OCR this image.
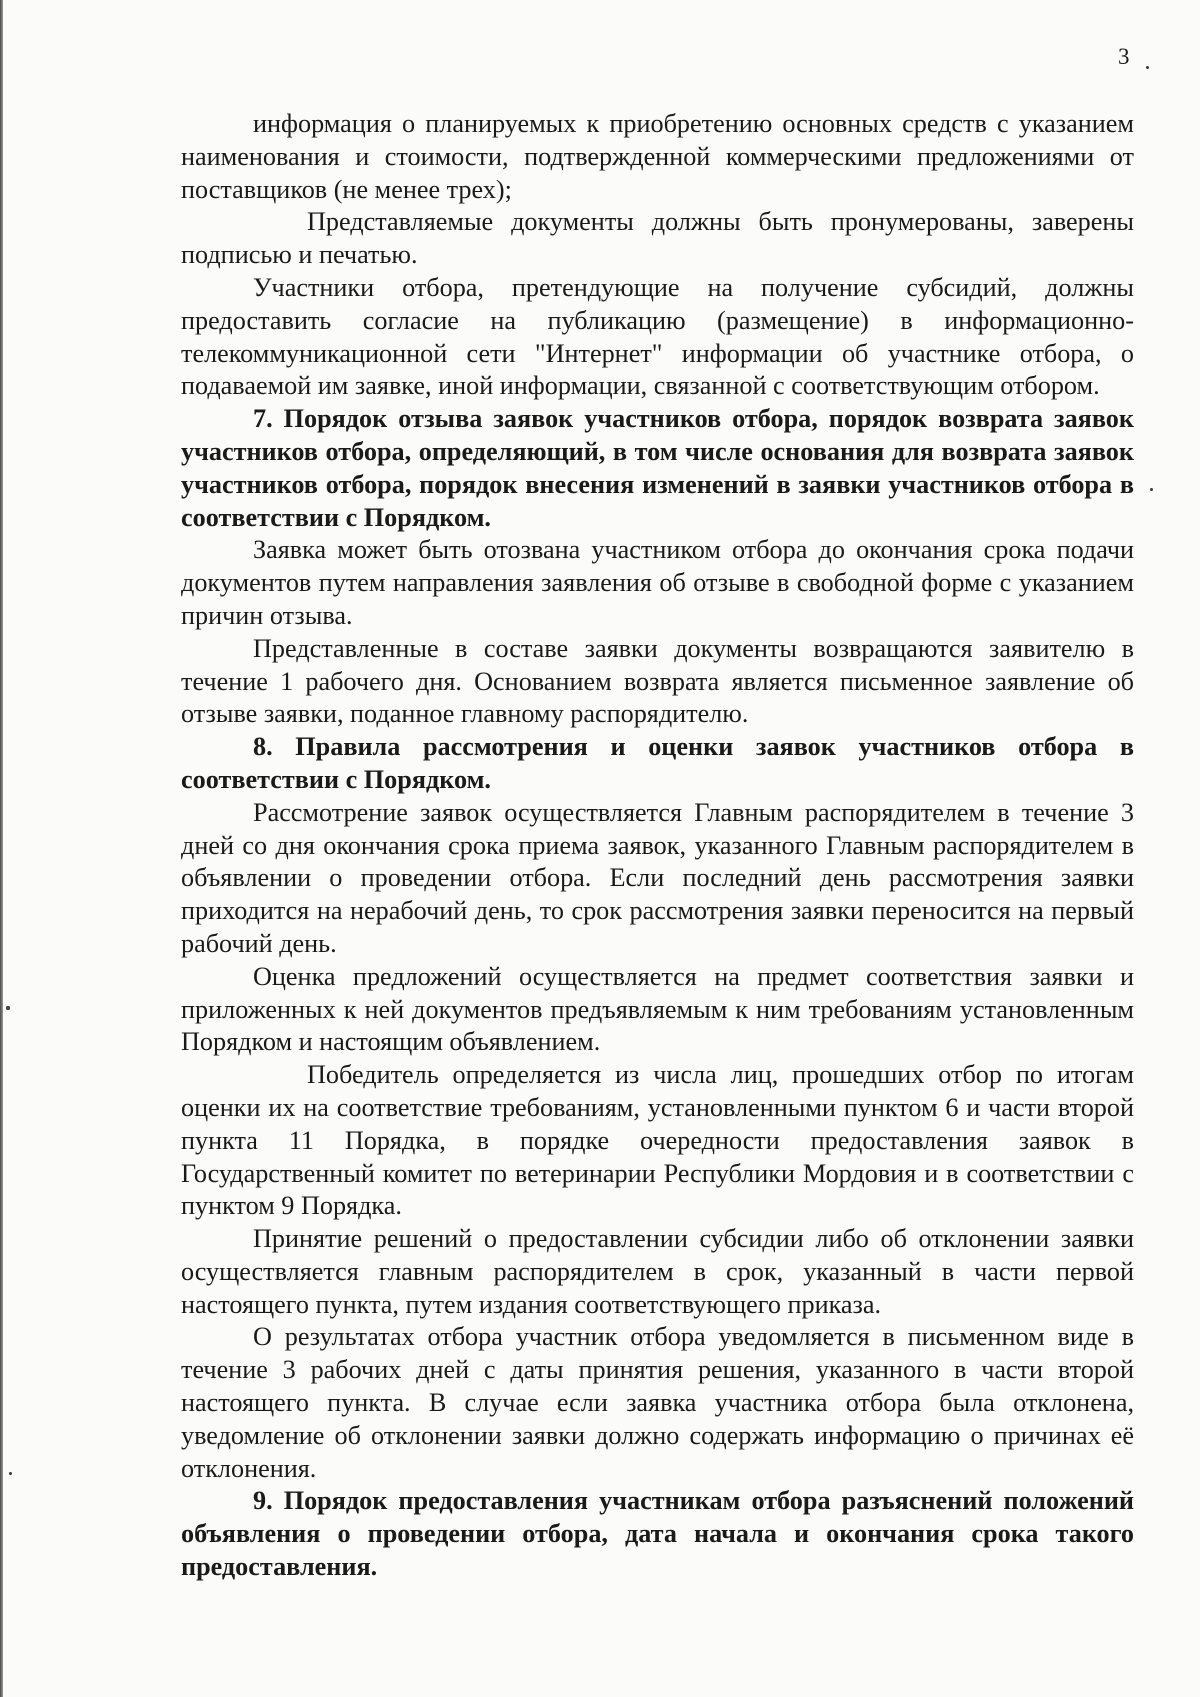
3

информация о планируемых к приобретению основных средств с указанием наименования и стоимости, подтвержденной коммерческими предложениями от поставщиков (не менее трех);

Представляемые документы должны быть пронумерованы, заверены подписью и печатью.

Участники отбора, претендующие на получение субсидий, должны предоставить согласие на публикацию (размещение) в информационно-телекоммуникационной сети "Интернет" информации об участнике отбора, о подаваемой им заявке, иной информации, связанной с соответствующим отбором.

7. Порядок отзыва заявок участников отбора, порядок возврата заявок участников отбора, определяющий, в том числе основания для возврата заявок участников отбора, порядок внесения изменений в заявки участников отбора в соответствии с Порядком.

Заявка может быть отозвана участником отбора до окончания срока подачи документов путем направления заявления об отзыве в свободной форме с указанием причин отзыва.

Представленные в составе заявки документы возвращаются заявителю в течение 1 рабочего дня. Основанием возврата является письменное заявление об отзыве заявки, поданное главному распорядителю.

8. Правила рассмотрения и оценки заявок участников отбора в соответствии с Порядком.

Рассмотрение заявок осуществляется Главным распорядителем в течение 3 дней со дня окончания срока приема заявок, указанного Главным распорядителем в объявлении о проведении отбора. Если последний день рассмотрения заявки приходится на нерабочий день, то срок рассмотрения заявки переносится на первый рабочий день.

Оценка предложений осуществляется на предмет соответствия заявки и приложенных к ней документов предъявляемым к ним требованиям установленным Порядком и настоящим объявлением.

Победитель определяется из числа лиц, прошедших отбор по итогам оценки их на соответствие требованиям, установленными пунктом 6 и части второй пункта 11 Порядка, в порядке очередности предоставления заявок в Государственный комитет по ветеринарии Республики Мордовия и в соответствии с пунктом 9 Порядка.

Принятие решений о предоставлении субсидии либо об отклонении заявки осуществляется главным распорядителем в срок, указанный в части первой настоящего пункта, путем издания соответствующего приказа.

О результатах отбора участник отбора уведомляется в письменном виде в течение 3 рабочих дней с даты принятия решения, указанного в части второй настоящего пункта. В случае если заявка участника отбора была отклонена, уведомление об отклонении заявки должно содержать информацию о причинах её отклонения.

9. Порядок предоставления участникам отбора разъяснений положений объявления о проведении отбора, дата начала и окончания срока такого предоставления.
